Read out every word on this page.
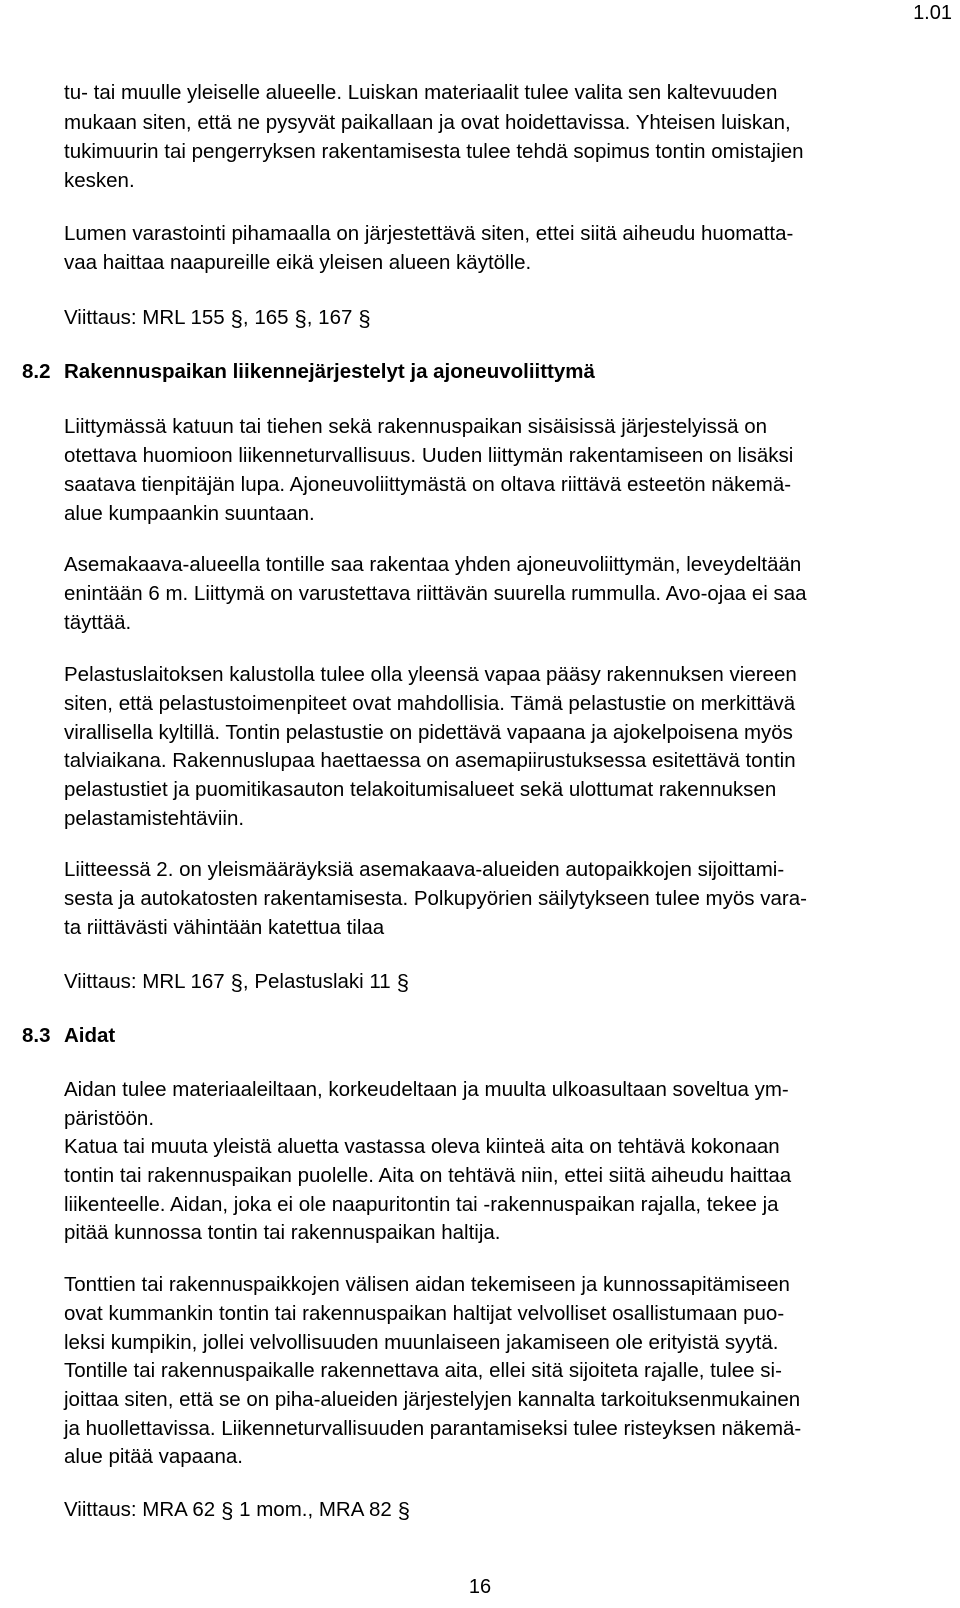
1.01
tu- tai muulle yleiselle alueelle. Luiskan materiaalit tulee valita sen kaltevuuden
mukaan siten, että ne pysyvät paikallaan ja ovat hoidettavissa. Yhteisen luiskan,
tukimuurin tai pengerryksen rakentamisesta tulee tehdä sopimus tontin omistajien
kesken.
Lumen varastointi pihamaalla on järjestettävä siten, ettei siitä aiheudu huomatta-
vaa haittaa naapureille eikä yleisen alueen käytölle.
Viittaus: MRL 155 §, 165 §, 167 §
8.2 Rakennuspaikan liikennejärjestelyt ja ajoneuvoliittymä
Liittymässä katuun tai tiehen sekä rakennuspaikan sisäisissä järjestelyissä on
otettava huomioon liikenneturvallisuus. Uuden liittymän rakentamiseen on lisäksi
saatava tienpitäjän lupa. Ajoneuvoliittymästä on oltava riittävä esteetön näkemä-
alue kumpaankin suuntaan.
Asemakaava-alueella tontille saa rakentaa yhden ajoneuvoliittymän, leveydeltään
enintään 6 m. Liittymä on varustettava riittävän suurella rummulla. Avo-ojaa ei saa
täyttää.
Pelastuslaitoksen kalustolla tulee olla yleensä vapaa pääsy rakennuksen viereen
siten, että pelastustoimenpiteet ovat mahdollisia. Tämä pelastustie on merkittävä
virallisella kyltillä. Tontin pelastustie on pidettävä vapaana ja ajokelpoisena myös
talviaikana. Rakennuslupaa haettaessa on asemapiirustuksessa esitettävä tontin
pelastustiet ja puomitikasauton telakoitumisalueet sekä ulottumat rakennuksen
pelastamistehtäviin.
Liitteessä 2. on yleismääräyksiä asemakaava-alueiden autopaikkojen sijoittami-
sesta ja autokatosten rakentamisesta. Polkupyörien säilytykseen tulee myös vara-
ta riittävästi vähintään katettua tilaa
Viittaus: MRL 167 §, Pelastuslaki 11 §
8.3 Aidat
Aidan tulee materiaaleiltaan, korkeudeltaan ja muulta ulkoasultaan soveltua ym-
päristöön.
Katua tai muuta yleistä aluetta vastassa oleva kiinteä aita on tehtävä kokonaan
tontin tai rakennuspaikan puolelle. Aita on tehtävä niin, ettei siitä aiheudu haittaa
liikenteelle. Aidan, joka ei ole naapuritontin tai -rakennuspaikan rajalla, tekee ja
pitää kunnossa tontin tai rakennuspaikan haltija.
Tonttien tai rakennuspaikkojen välisen aidan tekemiseen ja kunnossapitämiseen
ovat kummankin tontin tai rakennuspaikan haltijat velvolliset osallistumaan puo-
leksi kumpikin, jollei velvollisuuden muunlaiseen jakamiseen ole erityistä syytä.
Tontille tai rakennuspaikalle rakennettava aita, ellei sitä sijoiteta rajalle, tulee si-
joittaa siten, että se on piha-alueiden järjestelyjen kannalta tarkoituksenmukainen
ja huollettavissa. Liikenneturvallisuuden parantamiseksi tulee risteyksen näkemä-
alue pitää vapaana.
Viittaus: MRA 62 § 1 mom., MRA 82 §
16
